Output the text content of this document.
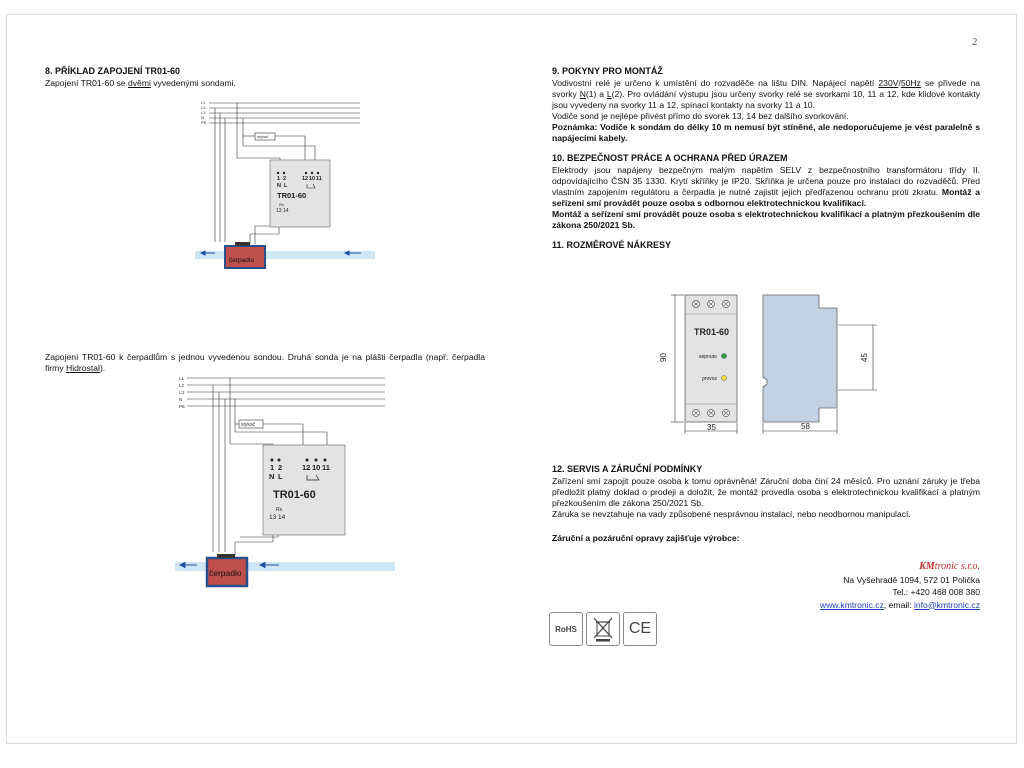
2
8. PŘÍKLAD ZAPOJENÍ TR01-60

Zapojení TR01-60 se dvěmi vyvedenými sondami.

Zapojení TR01-60 k čerpadlům s jednou vyvedenou sondou. Druhá sonda je na plášti čerpadla (např. čerpadla firmy Hidrostal).

L1
L2
L3
N
PE
stykač
1 2	12 10 11
N L
TR01-60
Rx
13 14
čerpadlo
L1
L2
L3
N
PE
stykač
1 2	12 10 11
N L
TR01-60
Rx
13 14
čerpadlo
9. POKYNY PRO MONTÁŽ

Vodivostní relé je určeno k umístění do rozvaděče na lištu DIN. Napájecí napětí 230V/50Hz se přivede na svorky N(1) a L(2). Pro ovládání výstupu jsou určeny svorky relé se svorkami 10, 11 a 12, kde klidové kontakty jsou vyvedeny na svorky 11 a 12, spínací kontakty na svorky 11 a 10.

Vodiče sond je nejlépe přivést přímo do svorek 13, 14 bez dalšího svorkování.

Poznámka: Vodiče k sondám do délky 10 m nemusí být stíněné, ale nedoporučujeme je vést paralelně s napájecími kabely.

10. BEZPEČNOST PRÁCE A OCHRANA PŘED ÚRAZEM

Elektrody jsou napájeny bezpečným malým napětím SELV z bezpečnostního transformátoru třídy II. odpovídajícího ČSN 35 1330. Krytí skříňky je IP20. Skříňka je určena pouze pro instalaci do rozvaděčů. Před vlastním zapojením regulátoru a čerpadla je nutné zajistit jejich předřazenou ochranu proti zkratu. Montáž a seřízení smí provádět pouze osoba s odbornou elektrotechnickou kvalifikací.

Montáž a seřízení smí provádět pouze osoba s elektrotechnickou kvalifikací a platným přezkoušením dle zákona 250/2021 Sb.

11. ROZMĚROVÉ NÁKRESY
TR01-60
sepnuto
provoz
90
35
45
58
12. SERVIS A ZÁRUČNÍ PODMÍNKY

Zařízení smí zapojit pouze osoba k tomu oprávněná! Záruční doba činí 24 měsíců. Pro uznání záruky je třeba předložit platný doklad o prodeji a doložit, že montáž provedla osoba s elektrotechnickou kvalifikací a platným přezkoušením dle zákona 250/2021 Sb.

Záruka se nevztahuje na vady způsobené nesprávnou instalací, nebo neodbornou manipulací.

Záruční a pozáruční opravy zajišťuje výrobce:

KMtronic s.r.o.
Na Vyšehradě 1094, 572 01 Polička
Tel.: +420 468 008 380
www.kmtronic.cz, email: info@kmtronic.cz
RoHS	CE
